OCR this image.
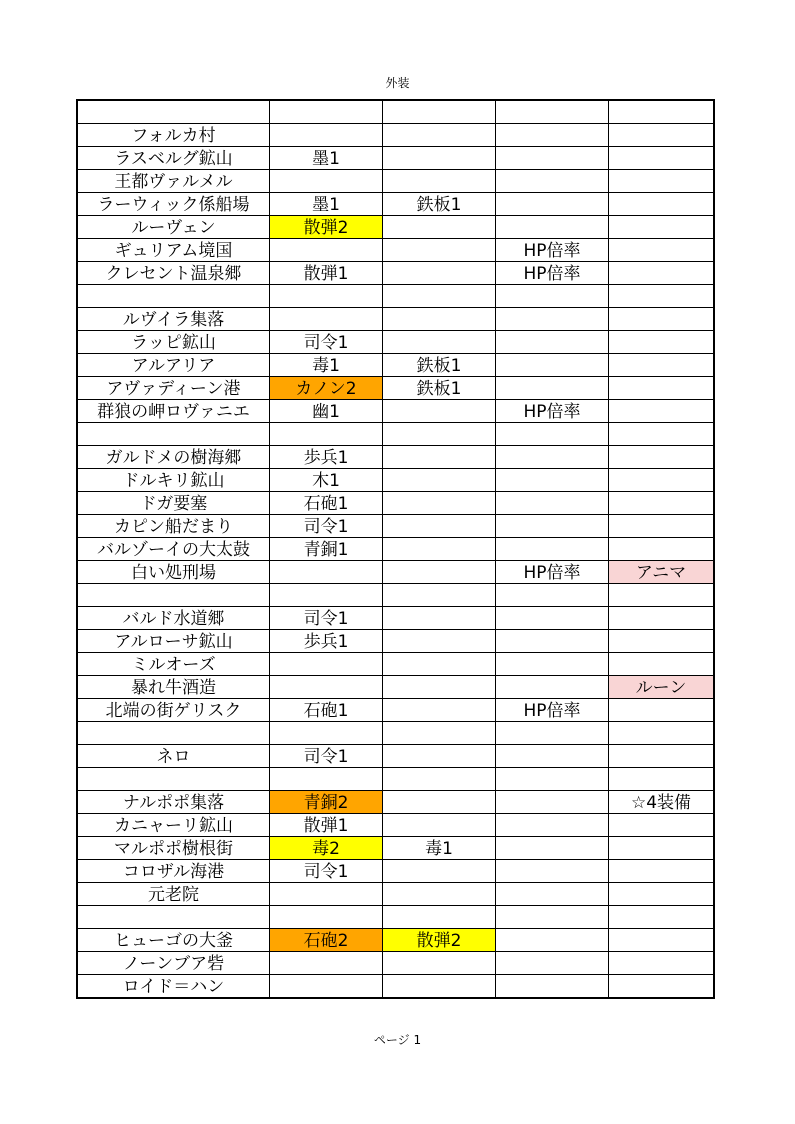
外装

フォルカ村				
ラスベルグ鉱山	墨1			
王都ヴァルメル				
ラーウィック係船場	墨1	鉄板1		
ルーヴェン	散弾2			
ギュリアム境国			HP倍率	
クレセント温泉郷	散弾1		HP倍率	

ルヴイラ集落				
ラッピ鉱山	司令1			
アルアリア	毒1	鉄板1		
アヴァディーン港	カノン2	鉄板1		
群狼の岬ロヴァニエ	幽1		HP倍率	

ガルドメの樹海郷	歩兵1			
ドルキリ鉱山	木1			
ドガ要塞	石砲1			
カピン船だまり	司令1			
バルゾーイの大太鼓	青銅1			
白い処刑場			HP倍率	アニマ

バルド水道郷	司令1			
アルローサ鉱山	歩兵1			
ミルオーズ				
暴れ牛酒造				ルーン
北端の街ゲリスク	石砲1		HP倍率	

ネロ	司令1			

ナルポポ集落	青銅2			☆4装備
カニャーリ鉱山	散弾1			
マルポポ樹根街	毒2	毒1		
コロザル海港	司令1			
元老院				

ヒューゴの大釜	石砲2	散弾2		
ノーンブア砦				
ロイド＝ハン				
ページ 1
